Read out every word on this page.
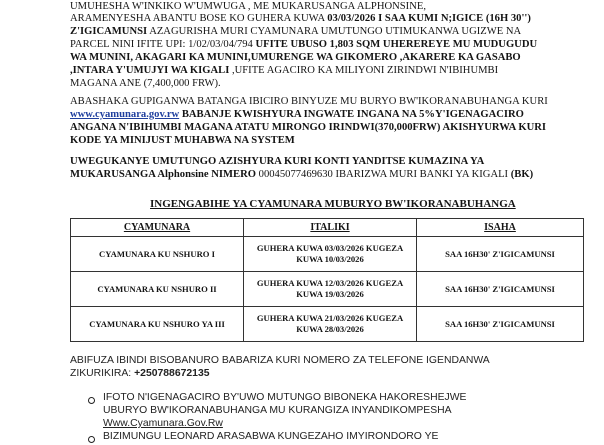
UMUHESHA W'INKIKO W'UMWUGA , ME MUKARUSANGA ALPHONSINE,
ARAMENYESHA ABANTU BOSE KO GUHERA KUWA 03/03/2026 I SAA KUMI N;IGICE (16H 30'')
Z'IGICAMUNSI AZAGURISHA MURI CYAMUNARA UMUTUNGO UTIMUKANWA UGIZWE NA
PARCEL NINI IFITE UPI: 1/02/03/04/794 UFITE UBUSO 1,803 SQM UHEREREYE MU MUDUGUDU
WA MUNINI, AKAGARI KA MUNINI,UMURENGE WA GIKOMERO ,AKARERE KA GASABO
,INTARA Y'UMUJYI WA KIGALI ,UFITE AGACIRO KA MILIYONI ZIRINDWI N'IBIHUMBI
MAGANA ANE (7,400,000 FRW).
ABASHAKA GUPIGANWA BATANGA IBICIRO BINYUZE MU BURYO BW'IKORANABUHANGA KURI
www.cyamunara.gov.rw BABANJE KWISHYURA INGWATE INGANA NA 5%Y'IGENAGACIRO
ANGANA N'IBIHUMBI MAGANA ATATU MIRONGO IRINDWI(370,000FRW) AKISHYURWA KURI
KODE YA MINIJUST MUHABWA NA SYSTEM
UWEGUKANYE UMUTUNGO AZISHYURA KURI KONTI YANDITSE KUMAZINA YA
MUKARUSANGA Alphonsine NIMERO 00045077469630 IBARIZWA MURI BANKI YA KIGALI (BK)
INGENGABIHE YA CYAMUNARA MUBURYO BW'IKORANABUHANGA
CYAMUNARA	ITALIKI	ISAHA
CYAMUNARA KU NSHURO I	GUHERA KUWA 03/03/2026 KUGEZA KUWA 10/03/2026	SAA 16H30' Z'IGICAMUNSI
CYAMUNARA KU NSHURO II	GUHERA KUWA 12/03/2026 KUGEZA KUWA 19/03/2026	SAA 16H30' Z'IGICAMUNSI
CYAMUNARA KU NSHURO YA III	GUHERA KUWA 21/03/2026 KUGEZA KUWA 28/03/2026	SAA 16H30' Z'IGICAMUNSI
ABIFUZA IBINDI BISOBANURO BABARIZA KURI NOMERO ZA TELEFONE IGENDANWA
ZIKURIKIRA: +250788672135
IFOTO N'IGENAGACIRO BY'UWO MUTUNGO BIBONEKA HAKORESHEJWE
UBURYO BW'IKORANABUHANGA MU KURANGIZA INYANDIKOMPESHA
Www.Cyamunara.Gov.Rw
BIZIMUNGU LEONARD ARASABWA KUNGEZAHO IMYIRONDORO YE
